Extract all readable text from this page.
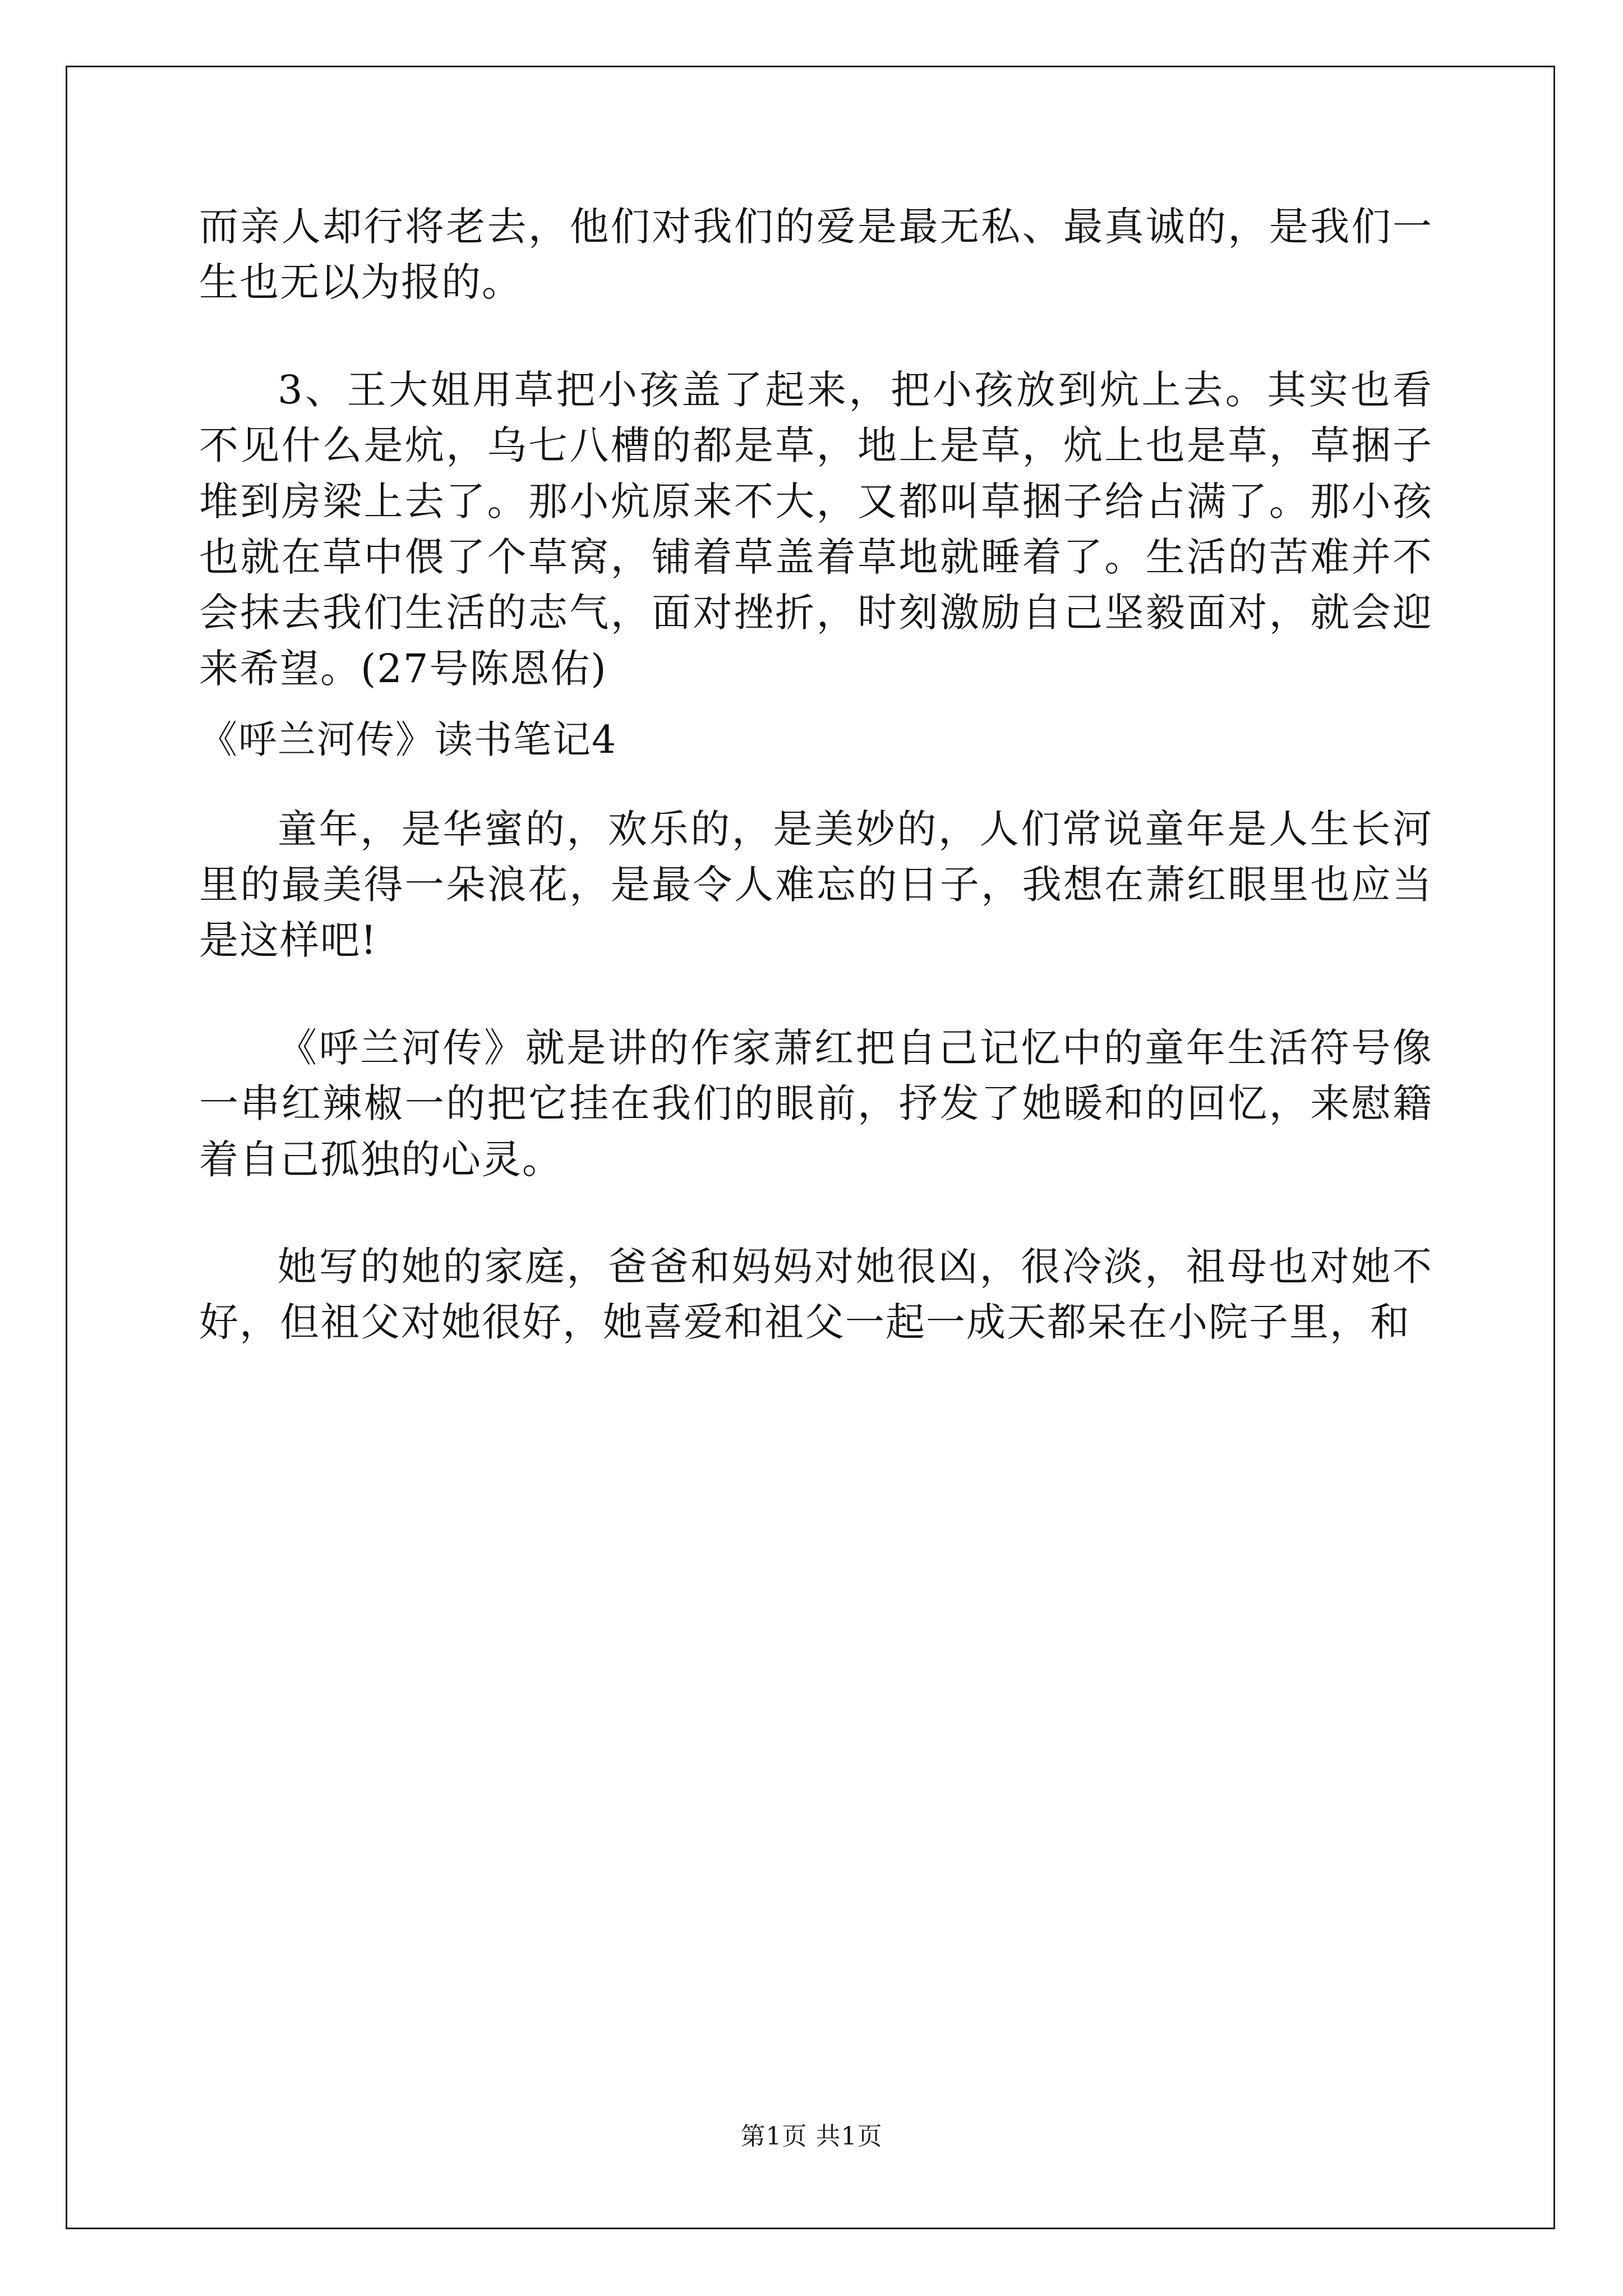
而亲人却行将老去，他们对我们的爱是最无私、最真诚的，是我们一生也无以为报的。

3、王大姐用草把小孩盖了起来，把小孩放到炕上去。其实也看不见什么是炕，乌七八槽的都是草，地上是草，炕上也是草，草捆子堆到房梁上去了。那小炕原来不大，又都叫草捆子给占满了。那小孩也就在草中偎了个草窝，铺着草盖着草地就睡着了。生活的苦难并不会抹去我们生活的志气，面对挫折，时刻激励自己坚毅面对，就会迎来希望。(27号陈恩佑)

《呼兰河传》读书笔记4

童年，是华蜜的，欢乐的，是美妙的，人们常说童年是人生长河里的最美得一朵浪花，是最令人难忘的日子，我想在萧红眼里也应当是这样吧!

《呼兰河传》就是讲的作家萧红把自己记忆中的童年生活符号像一串红辣椒一的把它挂在我们的眼前，抒发了她暖和的回忆，来慰籍着自己孤独的心灵。

她写的她的家庭，爸爸和妈妈对她很凶，很冷淡，祖母也对她不好，但祖父对她很好，她喜爱和祖父一起一成天都呆在小院子里，和

第1页 共1页
